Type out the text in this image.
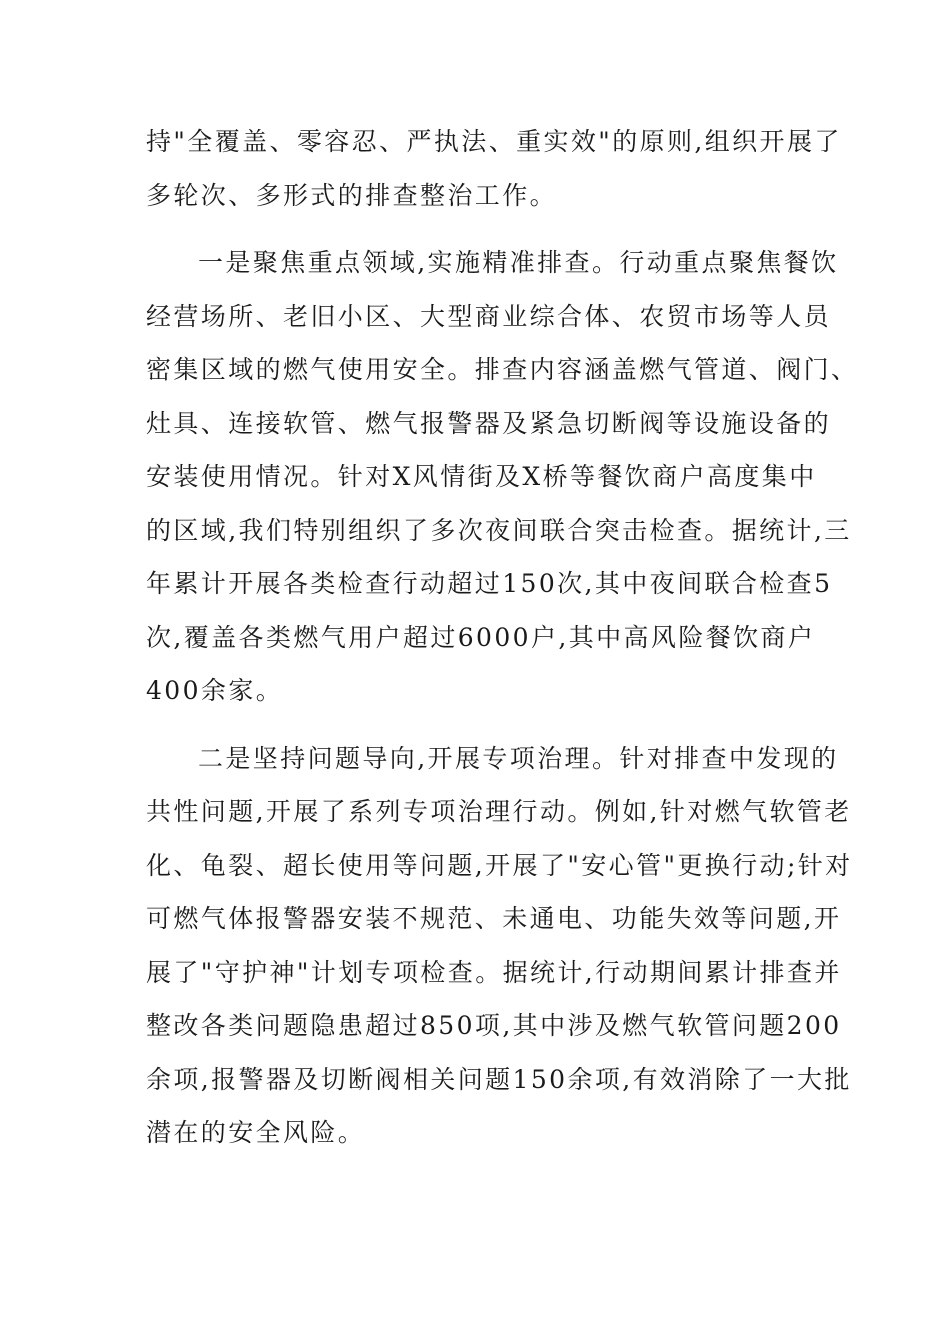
持"全覆盖、零容忍、严执法、重实效"的原则,组织开展了
多轮次、多形式的排查整治工作。
一是聚焦重点领域,实施精准排查。行动重点聚焦餐饮
经营场所、老旧小区、大型商业综合体、农贸市场等人员
密集区域的燃气使用安全。排查内容涵盖燃气管道、阀门、
灶具、连接软管、燃气报警器及紧急切断阀等设施设备的
安装使用情况。针对X风情街及X桥等餐饮商户高度集中
的区域,我们特别组织了多次夜间联合突击检查。据统计,三
年累计开展各类检查行动超过150次,其中夜间联合检查5
次,覆盖各类燃气用户超过6000户,其中高风险餐饮商户
400余家。
二是坚持问题导向,开展专项治理。针对排查中发现的
共性问题,开展了系列专项治理行动。例如,针对燃气软管老
化、龟裂、超长使用等问题,开展了"安心管"更换行动;针对
可燃气体报警器安装不规范、未通电、功能失效等问题,开
展了"守护神"计划专项检查。据统计,行动期间累计排查并
整改各类问题隐患超过850项,其中涉及燃气软管问题200
余项,报警器及切断阀相关问题150余项,有效消除了一大批
潜在的安全风险。
